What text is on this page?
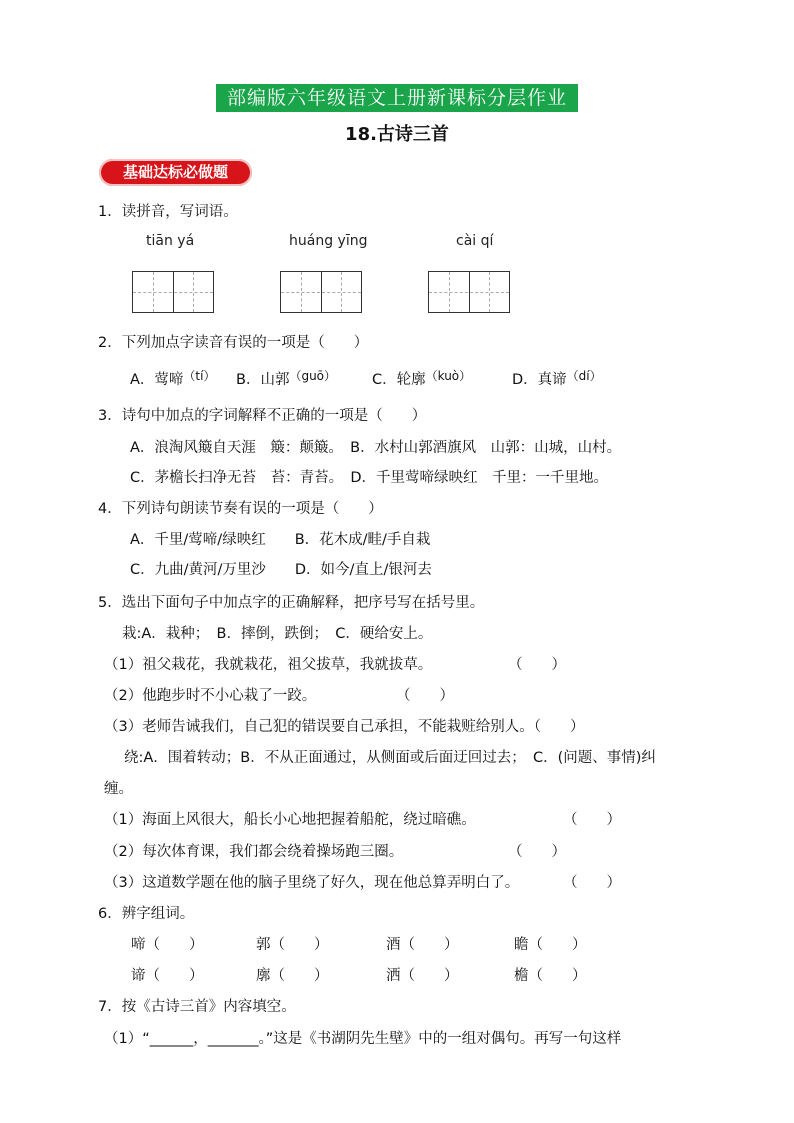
部编版六年级语文上册新课标分层作业
18.古诗三首
基础达标必做题
1．读拼音，写词语。
tiān yá	huáng yīng	cài qí
2．下列加点字读音有误的一项是（　　）
A．莺啼$^{(tí)}$ B．山郭$^{(guō)}$ C．轮廓$^{(kuò)}$	D．真谛$^{(dí)}$
3．诗句中加点的字词解释不正确的一项是（　　）
A．浪淘风簸自天涯　簸：颠簸。　B．水村山郭酒旗风　山郭：山城，山村。
C．茅檐长扫净无苔　苔：青苔。　D．千里莺啼绿映红　千里：一千里地。
4．下列诗句朗读节奏有误的一项是（　　）
A．千里/莺啼/绿映红　　B．花木成/畦/手自栽
C．九曲/黄河/万里沙　　D．如今/直上/银河去
5．选出下面句子中加点字的正确解释，把序号写在括号里。
栽:A．栽种；　B．摔倒，跌倒；　C．硬给安上。
（1）祖父栽花，我就栽花，祖父拔草，我就拔草。	（　　）
（2）他跑步时不小心栽了一跤。	（　　）
（3）老师告诫我们，自己犯的错误要自己承担，不能栽赃给别人。（　　）
绕:A．围着转动；B．不从正面通过，从侧面或后面迂回过去；　C．(问题、事情)纠
缠。
（1）海面上风很大，船长小心地把握着船舵，绕过暗礁。	（　　）
（2）每次体育课，我们都会绕着操场跑三圈。	（　　）
（3）这道数学题在他的脑子里绕了好久，现在他总算弄明白了。	（　　）
6．辨字组词。
啼（　　）	郭（　　）	酒（　　）	瞻（　　）
谛（　　）	廓（　　）	洒（　　）	檐（　　）
7．按《古诗三首》内容填空。
（1）“______，_______。”这是《书湖阴先生壁》中的一组对偶句。再写一句这样
